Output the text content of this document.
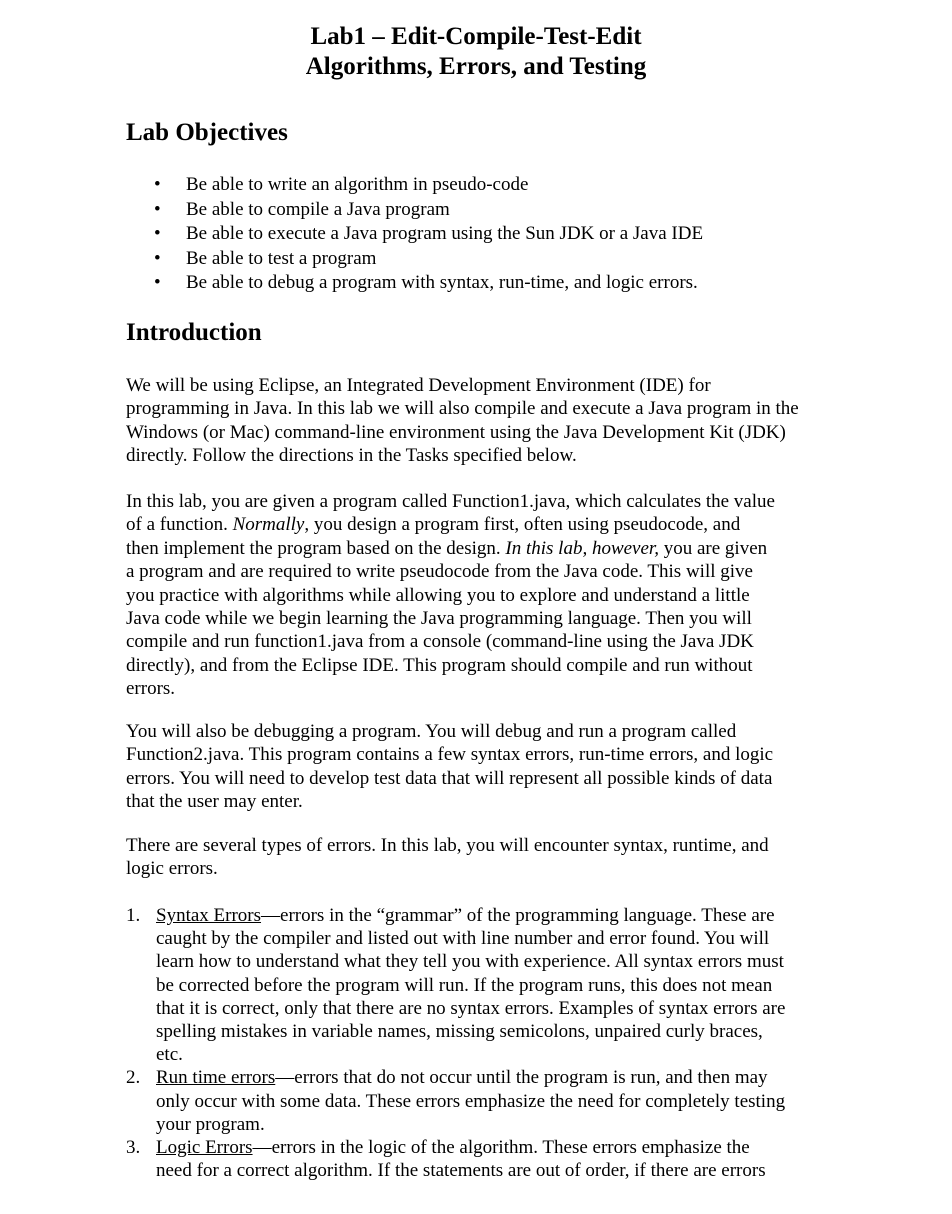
Lab1 – Edit-Compile-Test-Edit
Algorithms, Errors, and Testing
Lab Objectives
• Be able to write an algorithm in pseudo-code
• Be able to compile a Java program
• Be able to execute a Java program using the Sun JDK or a Java IDE
• Be able to test a program
• Be able to debug a program with syntax, run-time, and logic errors.
Introduction

We will be using Eclipse, an Integrated Development Environment (IDE) for
programming in Java. In this lab we will also compile and execute a Java program in the
Windows (or Mac) command-line environment using the Java Development Kit (JDK)
directly. Follow the directions in the Tasks specified below.

In this lab, you are given a program called Function1.java, which calculates the value
of a function. Normally, you design a program first, often using pseudocode, and
then implement the program based on the design. In this lab, however, you are given
a program and are required to write pseudocode from the Java code. This will give
you practice with algorithms while allowing you to explore and understand a little
Java code while we begin learning the Java programming language. Then you will
compile and run function1.java from a console (command-line using the Java JDK
directly), and from the Eclipse IDE. This program should compile and run without
errors.

You will also be debugging a program. You will debug and run a program called
Function2.java. This program contains a few syntax errors, run-time errors, and logic
errors. You will need to develop test data that will represent all possible kinds of data
that the user may enter.

There are several types of errors. In this lab, you will encounter syntax, runtime, and
logic errors.

1. Syntax Errors—errors in the “grammar” of the programming language. These are
caught by the compiler and listed out with line number and error found. You will
learn how to understand what they tell you with experience. All syntax errors must
be corrected before the program will run. If the program runs, this does not mean
that it is correct, only that there are no syntax errors. Examples of syntax errors are
spelling mistakes in variable names, missing semicolons, unpaired curly braces,
etc.
2. Run time errors—errors that do not occur until the program is run, and then may
only occur with some data. These errors emphasize the need for completely testing
your program.
3. Logic Errors—errors in the logic of the algorithm. These errors emphasize the
need for a correct algorithm. If the statements are out of order, if there are errors
